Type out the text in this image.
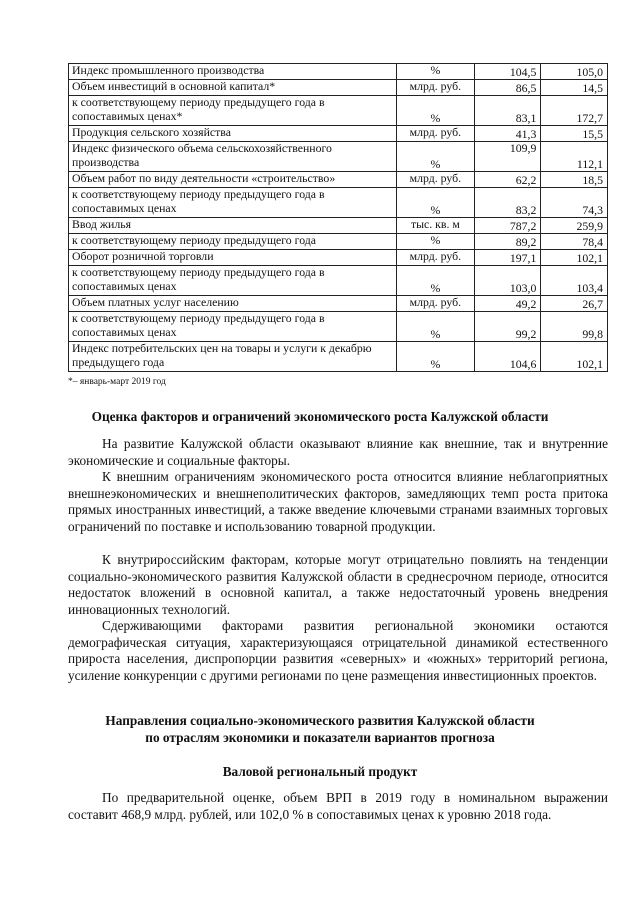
Индекс промышленного производства	%	104,5	105,0
Объем инвестиций в основной капитал*	млрд. руб.	86,5	14,5
к соответствующему периоду предыдущего года в сопоставимых ценах*	%	83,1	172,7
Продукция сельского хозяйства	млрд. руб.	41,3	15,5
Индекс физического объема сельскохозяйственного производства	%	109,9	112,1
Объем работ по виду деятельности «строительство»	млрд. руб.	62,2	18,5
к соответствующему периоду предыдущего года в сопоставимых ценах	%	83,2	74,3
Ввод жилья	тыс. кв. м	787,2	259,9
к соответствующему периоду предыдущего года	%	89,2	78,4
Оборот розничной торговли	млрд. руб.	197,1	102,1
к соответствующему периоду предыдущего года в сопоставимых ценах	%	103,0	103,4
Объем платных услуг населению	млрд. руб.	49,2	26,7
к соответствующему периоду предыдущего года в сопоставимых ценах	%	99,2	99,8
Индекс потребительских цен на товары и услуги к декабрю предыдущего года	%	104,6	102,1
*– январь-март 2019 год
Оценка факторов и ограничений экономического роста Калужской области
На развитие Калужской области оказывают влияние как внешние, так и внутренние экономические и социальные факторы.
К внешним ограничениям экономического роста относится влияние неблагоприятных внешнеэкономических и внешнеполитических факторов, замедляющих темп роста притока прямых иностранных инвестиций, а также введение ключевыми странами взаимных торговых ограничений по поставке и использованию товарной продукции.
К внутрироссийским факторам, которые могут отрицательно повлиять на тенденции социально-экономического развития Калужской области в среднесрочном периоде, относится недостаток вложений в основной капитал, а также недостаточный уровень внедрения инновационных технологий.
Сдерживающими факторами развития региональной экономики остаются демографическая ситуация, характеризующаяся отрицательной динамикой естественного прироста населения, диспропорции развития «северных» и «южных» территорий региона, усиление конкуренции с другими регионами по цене размещения инвестиционных проектов.
Направления социально-экономического развития Калужской области
по отраслям экономики и показатели вариантов прогноза
Валовой региональный продукт
По предварительной оценке, объем ВРП в 2019 году в номинальном выражении составит 468,9 млрд. рублей, или 102,0 % в сопоставимых ценах к уровню 2018 года.
